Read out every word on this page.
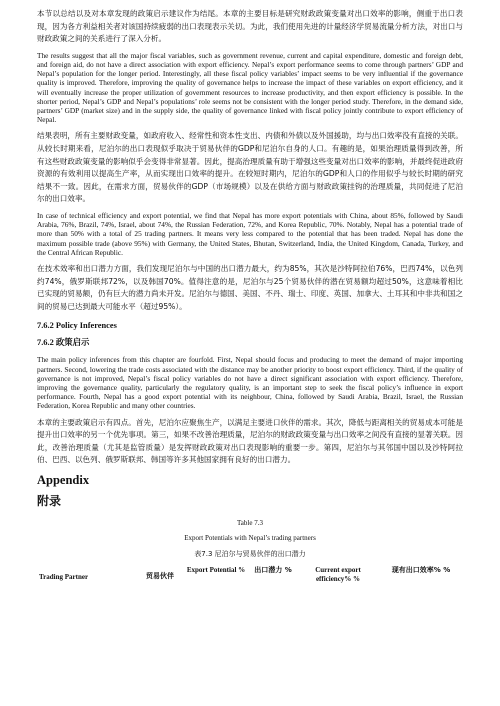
本节以总结以及对本章发现的政策启示建议作为结尾。本章的主要目标是研究财政政策变量对出口效率的影响，侧重于出口表现，因为各方利益相关者对该国持续疲弱的出口表现表示关切。为此，我们使用先进的计量经济学贸易流量分析方法，对出口与财政政策之间的关系进行了深入分析。

The results suggest that all the major fiscal variables, such as government revenue, current and capital expenditure, domestic and foreign debt, and foreign aid, do not have a direct association with export efficiency. Nepal’s export performance seems to come through partners’ GDP and Nepal’s population for the longer period. Interestingly, all these fiscal policy variables’ impact seems to be very influential if the governance quality is improved. Therefore, improving the quality of governance helps to increase the impact of these variables on export efficiency, and it will eventually increase the proper utilization of government resources to increase productivity, and then export efficiency is possible. In the shorter period, Nepal’s GDP and Nepal’s populations’ role seems not be consistent with the longer period study. Therefore, in the demand side, partners’ GDP (market size) and in the supply side, the quality of governance linked with fiscal policy jointly contribute to export efficiency of Nepal.

结果表明，所有主要财政变量，如政府收入、经常性和资本性支出、内债和外债以及外国援助，均与出口效率没有直接的关联。从较长时期来看，尼泊尔的出口表现似乎取决于贸易伙伴的GDP和尼泊尔自身的人口。有趣的是，如果治理质量得到改善，所有这些财政政策变量的影响似乎会变得非常显著。因此，提高治理质量有助于增强这些变量对出口效率的影响，并最终促进政府资源的有效利用以提高生产率，从而实现出口效率的提升。在较短时期内，尼泊尔的GDP和人口的作用似乎与较长时期的研究结果不一致。因此，在需求方面，贸易伙伴的GDP（市场规模）以及在供给方面与财政政策挂钩的治理质量，共同促进了尼泊尔的出口效率。

In case of technical efficiency and export potential, we find that Nepal has more export potentials with China, about 85%, followed by Saudi Arabia, 76%, Brazil, 74%, Israel, about 74%, the Russian Federation, 72%, and Korea Republic, 70%. Notably, Nepal has a potential trade of more than 50% with a total of 25 trading partners. It means very less compared to the potential that has been traded. Nepal has done the maximum possible trade (above 95%) with Germany, the United States, Bhutan, Switzerland, India, the United Kingdom, Canada, Turkey, and the Central African Republic.

在技术效率和出口潜力方面，我们发现尼泊尔与中国的出口潜力最大，约为85%，其次是沙特阿拉伯76%，巴西74%，以色列约74%，俄罗斯联邦72%，以及韩国70%。值得注意的是，尼泊尔与25个贸易伙伴的潜在贸易额均超过50%，这意味着相比已实现的贸易额，仍有巨大的潜力尚未开发。尼泊尔与德国、美国、不丹、瑞士、印度、英国、加拿大、土耳其和中非共和国之间的贸易已达到最大可能水平（超过95%）。

7.6.2 Policy Inferences
7.6.2 政策启示

The main policy inferences from this chapter are fourfold. First, Nepal should focus and producing to meet the demand of major importing partners. Second, lowering the trade costs associated with the distance may be another priority to boost export efficiency. Third, if the quality of governance is not improved, Nepal’s fiscal policy variables do not have a direct significant association with export efficiency. Therefore, improving the governance quality, particularly the regulatory quality, is an important step to seek the fiscal policy’s influence in export performance. Fourth, Nepal has a good export potential with its neighbour, China, followed by Saudi Arabia, Brazil, Israel, the Russian Federation, Korea Republic and many other countries.

本章的主要政策启示有四点。首先，尼泊尔应聚焦生产，以满足主要进口伙伴的需求。其次，降低与距离相关的贸易成本可能是提升出口效率的另一个优先事项。第三，如果不改善治理质量，尼泊尔的财政政策变量与出口效率之间没有直接的显著关联。因此，改善治理质量（尤其是监管质量）是发挥财政政策对出口表现影响的重要一步。第四，尼泊尔与其邻国中国以及沙特阿拉伯、巴西、以色列、俄罗斯联邦、韩国等许多其他国家拥有良好的出口潜力。

Appendix
附录
Table 7.3
Export Potentials with Nepal’s trading partners
表7.3 尼泊尔与贸易伙伴的出口潜力
Trading Partner	贸易伙伴	Export Potential %	出口潜力 %	Current export efficiency% %	现有出口效率% %
